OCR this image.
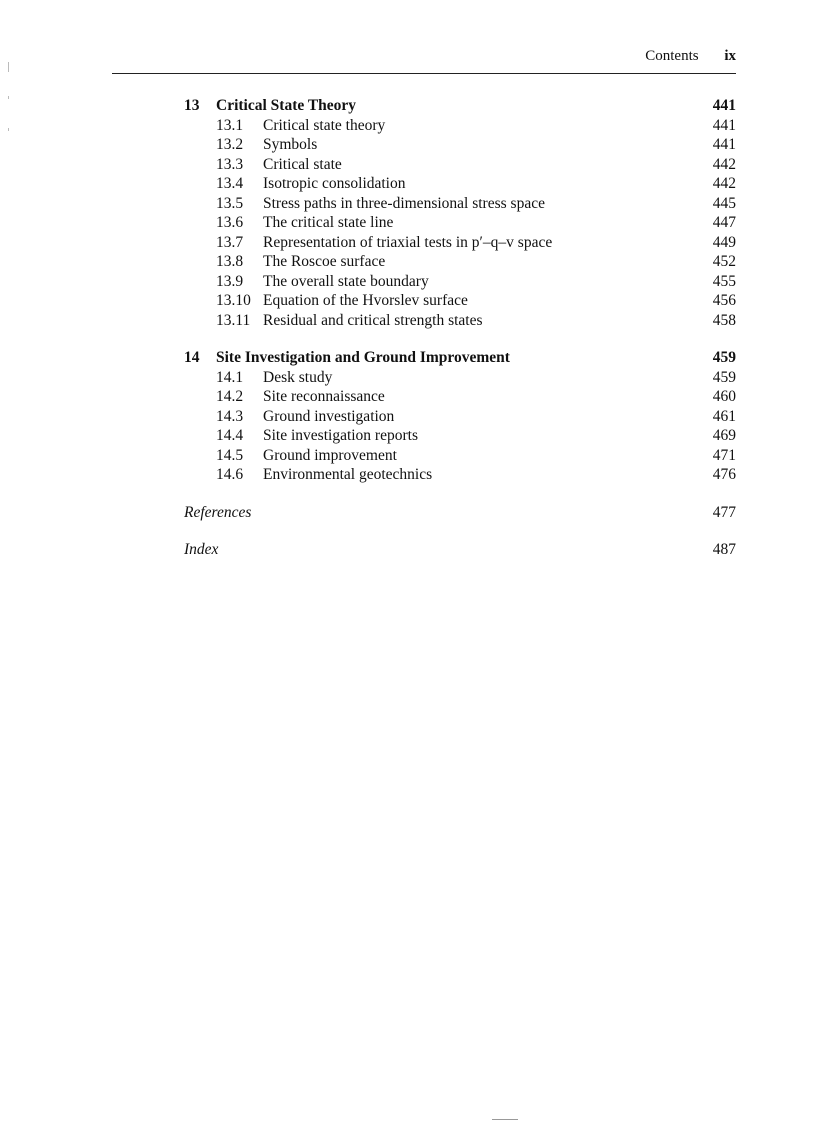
Contents ix
13 Critical State Theory	441
13.1 Critical state theory	441
13.2 Symbols	441
13.3 Critical state	442
13.4 Isotropic consolidation	442
13.5 Stress paths in three-dimensional stress space	445
13.6 The critical state line	447
13.7 Representation of triaxial tests in p′–q–v space	449
13.8 The Roscoe surface	452
13.9 The overall state boundary	455
13.10 Equation of the Hvorslev surface	456
13.11 Residual and critical strength states	458
14 Site Investigation and Ground Improvement	459
14.1 Desk study	459
14.2 Site reconnaissance	460
14.3 Ground investigation	461
14.4 Site investigation reports	469
14.5 Ground improvement	471
14.6 Environmental geotechnics	476
References	477
Index	487
